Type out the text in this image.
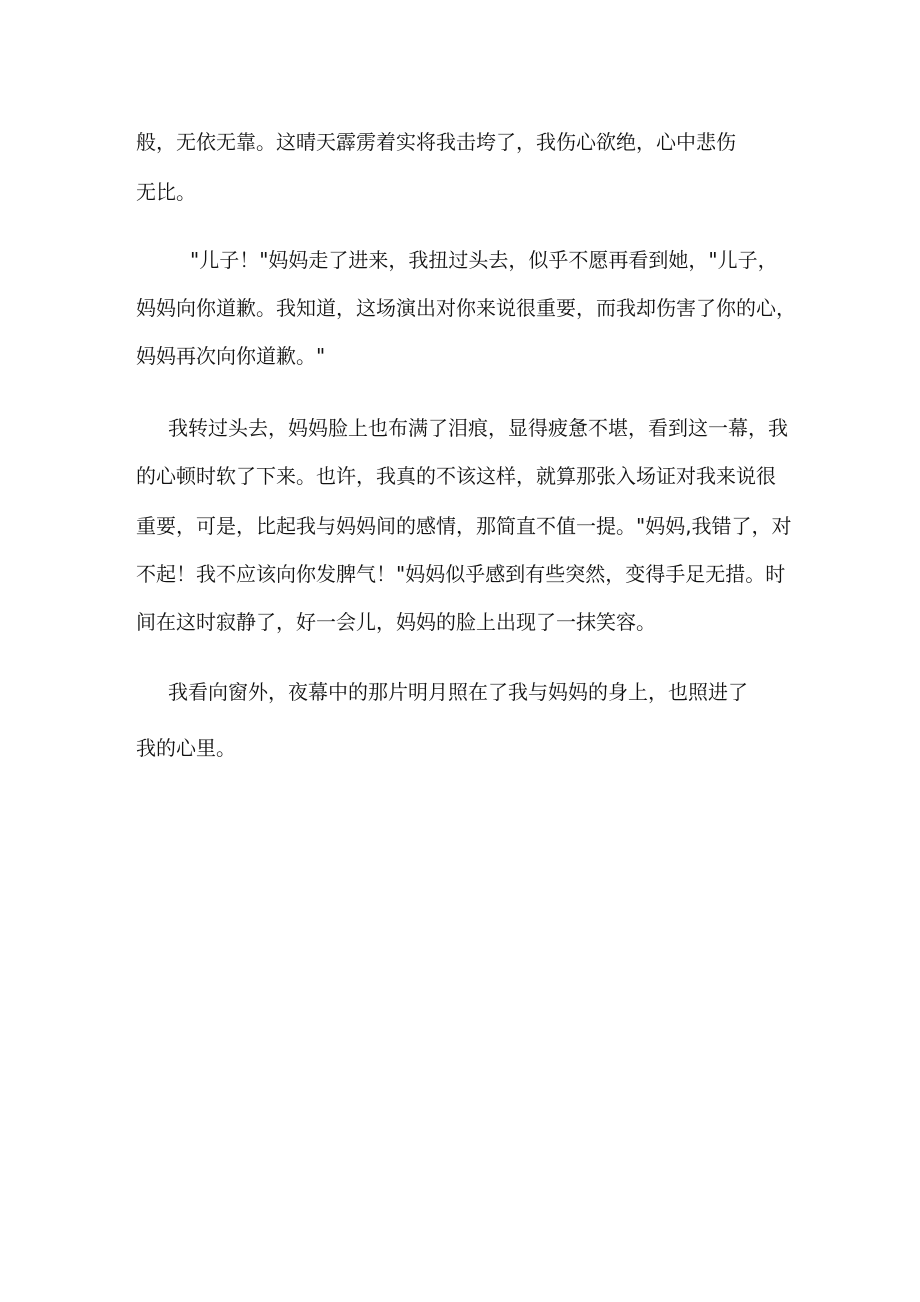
般，无依无靠。这晴天霹雳着实将我击垮了，我伤心欲绝，心中悲伤
无比。
"儿子！"妈妈走了进来，我扭过头去，似乎不愿再看到她，"儿子，
妈妈向你道歉。我知道，这场演出对你来说很重要，而我却伤害了你的心，
妈妈再次向你道歉。"
我转过头去，妈妈脸上也布满了泪痕，显得疲惫不堪，看到这一幕，我
的心顿时软了下来。也许，我真的不该这样，就算那张入场证对我来说很
重要，可是，比起我与妈妈间的感情，那简直不值一提。"妈妈,我错了，对
不起！我不应该向你发脾气！"妈妈似乎感到有些突然，变得手足无措。时
间在这时寂静了，好一会儿，妈妈的脸上出现了一抹笑容。
我看向窗外，夜幕中的那片明月照在了我与妈妈的身上，也照进了
我的心里。
